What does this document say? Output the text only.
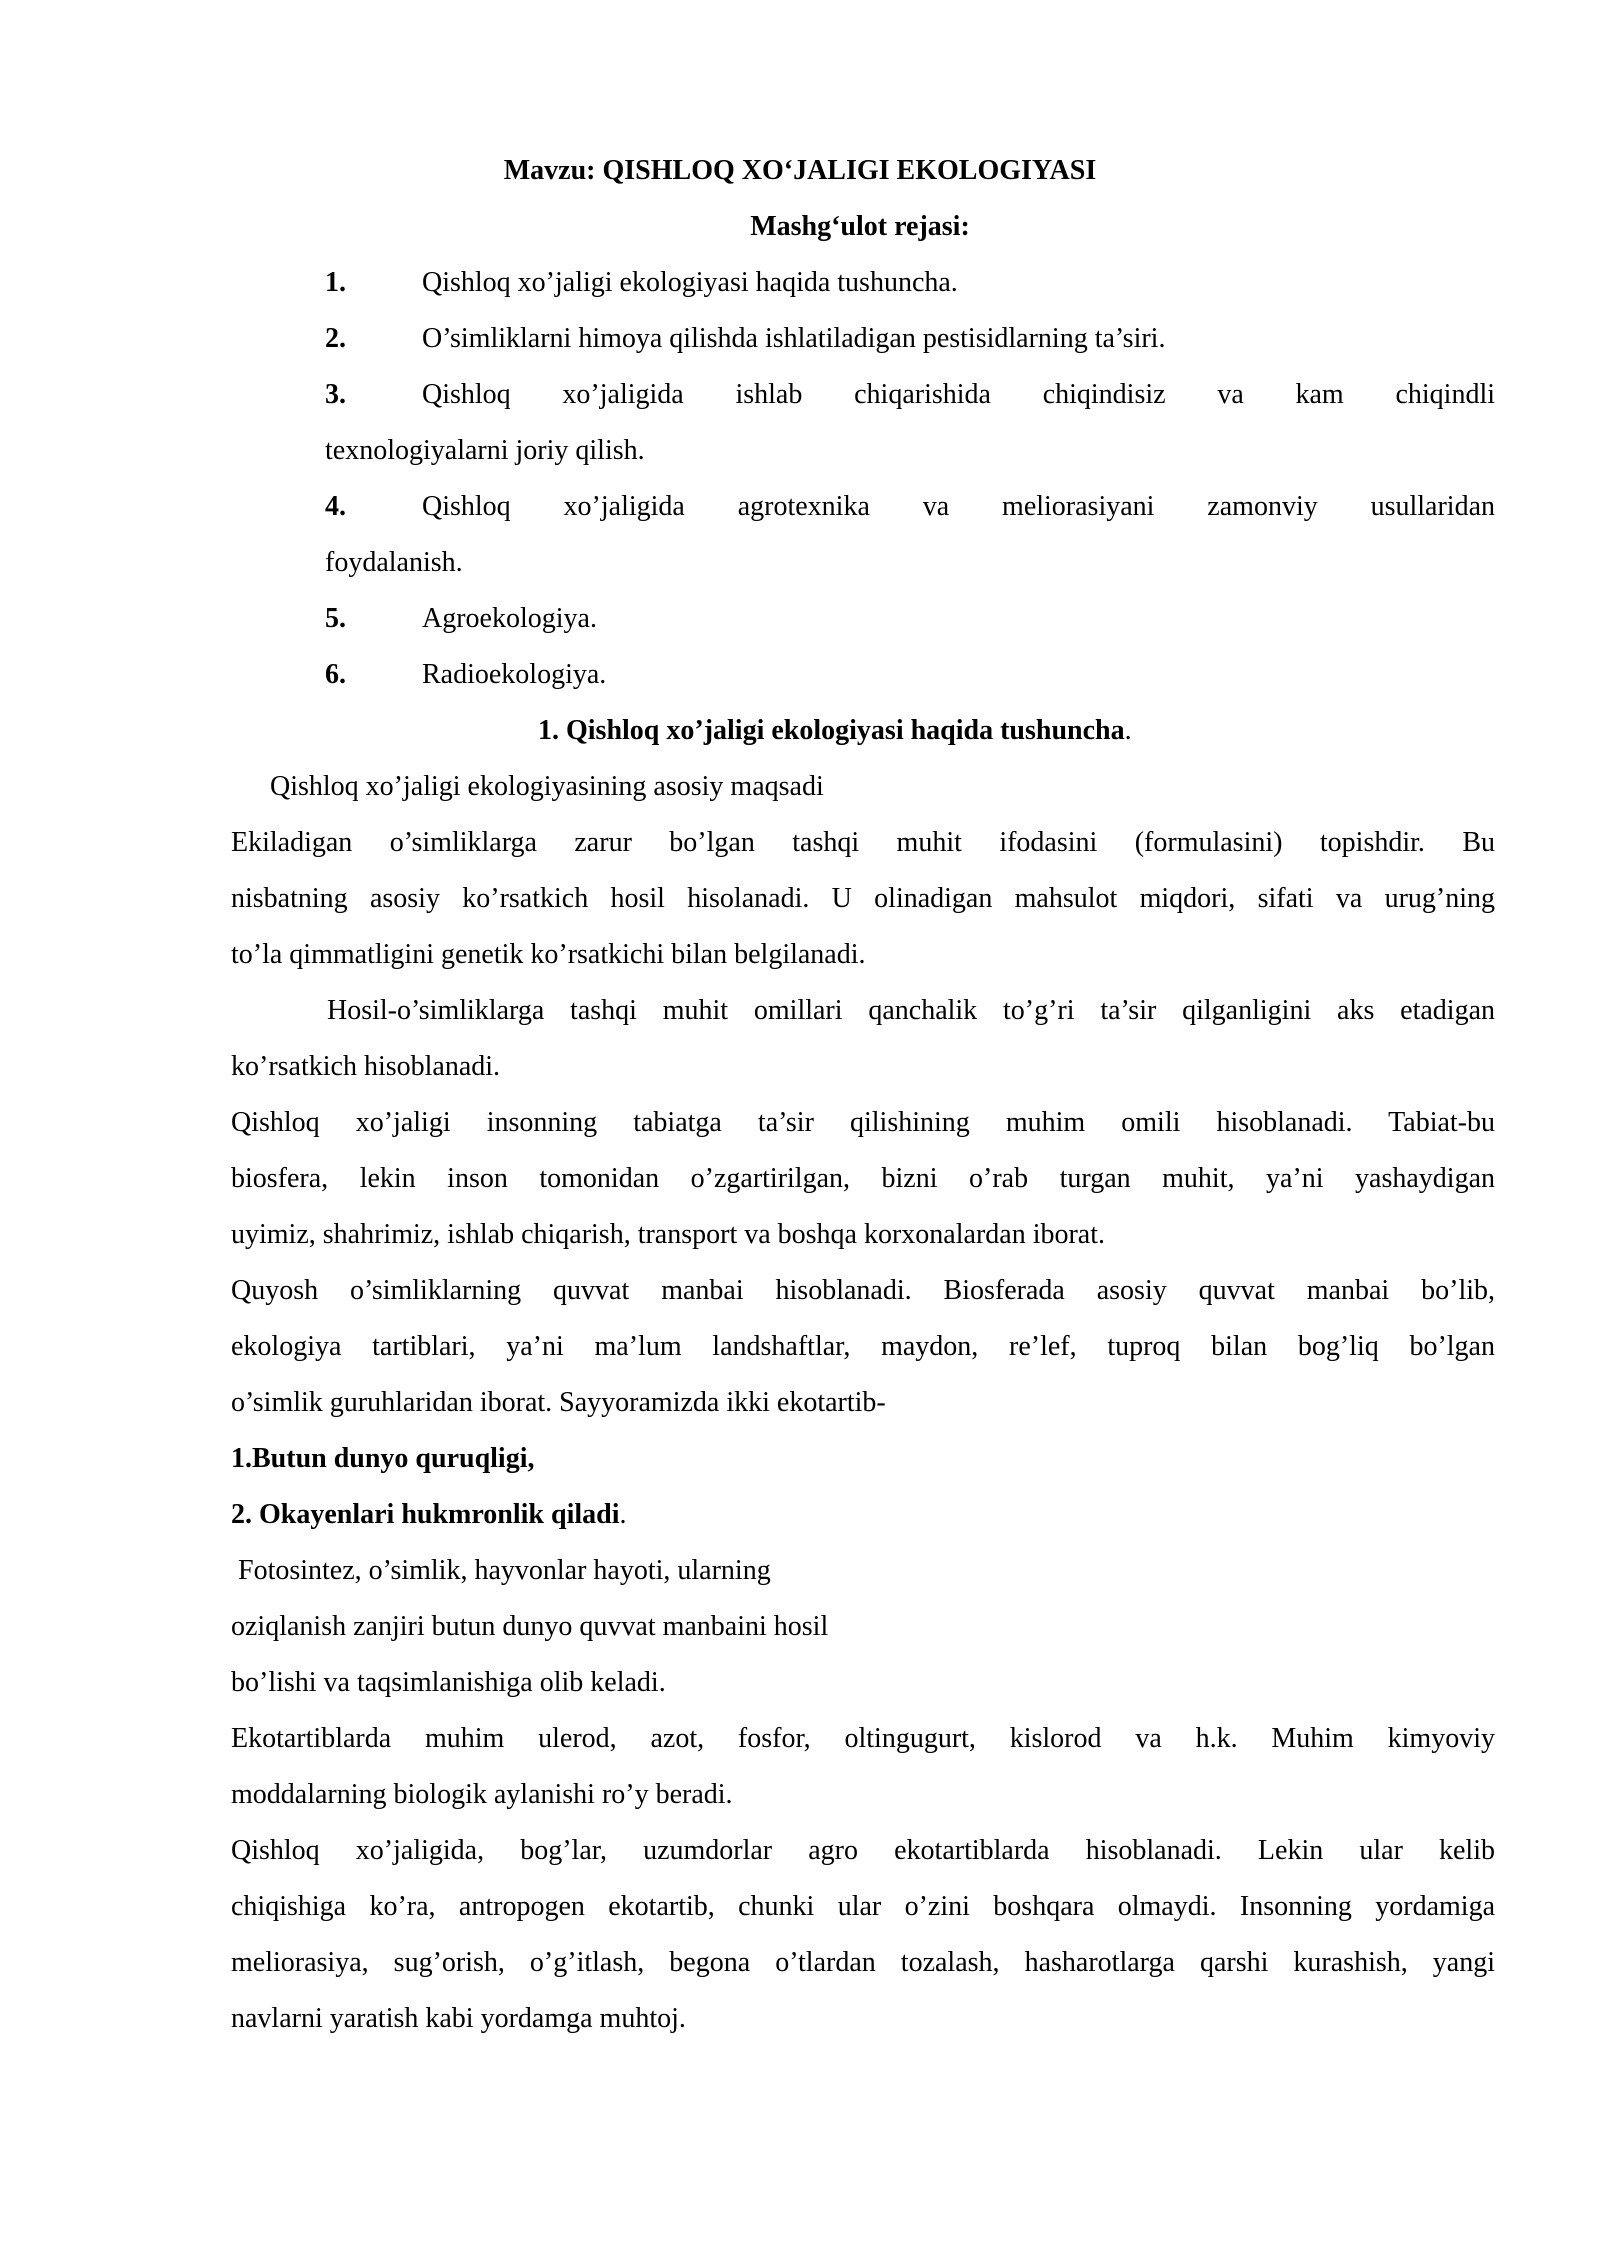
Mavzu: QISHLOQ XO‘JALIGI EKOLOGIYASI
Mashg‘ulot rejasi:
1.	Qishloq xo’jaligi ekologiyasi haqida tushuncha.
2.	O’simliklarni himoya qilishda ishlatiladigan pestisidlarning ta’siri.
3.	Qishloq xo’jaligida ishlab chiqarishida chiqindisiz va kam chiqindli
texnologiyalarni joriy qilish.
4.	Qishloq xo’jaligida agrotexnika va meliorasiyani zamonviy usullaridan
foydalanish.
5.	Agroekologiya.
6.	Radioekologiya.
1. Qishloq xo’jaligi ekologiyasi haqida tushuncha.
Qishloq xo’jaligi ekologiyasining asosiy maqsadi
Ekiladigan o’simliklarga zarur bo’lgan tashqi muhit ifodasini (formulasini) topishdir. Bu
nisbatning asosiy ko’rsatkich hosil hisolanadi. U olinadigan mahsulot miqdori, sifati va urug’ning
to’la qimmatligini genetik ko’rsatkichi bilan belgilanadi.
Hosil-o’simliklarga tashqi muhit omillari qanchalik to’g’ri ta’sir qilganligini aks etadigan
ko’rsatkich hisoblanadi.
Qishloq xo’jaligi insonning tabiatga ta’sir qilishining muhim omili hisoblanadi. Tabiat-bu
biosfera, lekin inson tomonidan o’zgartirilgan, bizni o’rab turgan muhit, ya’ni yashaydigan
uyimiz, shahrimiz, ishlab chiqarish, transport va boshqa korxonalardan iborat.
Quyosh o’simliklarning quvvat manbai hisoblanadi. Biosferada asosiy quvvat manbai bo’lib,
ekologiya tartiblari, ya’ni ma’lum landshaftlar, maydon, re’lef, tuproq bilan bog’liq bo’lgan
o’simlik guruhlaridan iborat. Sayyoramizda ikki ekotartib-
1.Butun dunyo quruqligi,
2. Okayenlari hukmronlik qiladi.
Fotosintez, o’simlik, hayvonlar hayoti, ularning
oziqlanish zanjiri butun dunyo quvvat manbaini hosil
bo’lishi va taqsimlanishiga olib keladi.
Ekotartiblarda muhim ulerod, azot, fosfor, oltingugurt, kislorod va h.k. Muhim kimyoviy
moddalarning biologik aylanishi ro’y beradi.
Qishloq xo’jaligida, bog’lar, uzumdorlar agro ekotartiblarda hisoblanadi. Lekin ular kelib
chiqishiga ko’ra, antropogen ekotartib, chunki ular o’zini boshqara olmaydi. Insonning yordamiga
meliorasiya, sug’orish, o’g’itlash, begona o’tlardan tozalash, hasharotlarga qarshi kurashish, yangi
navlarni yaratish kabi yordamga muhtoj.
